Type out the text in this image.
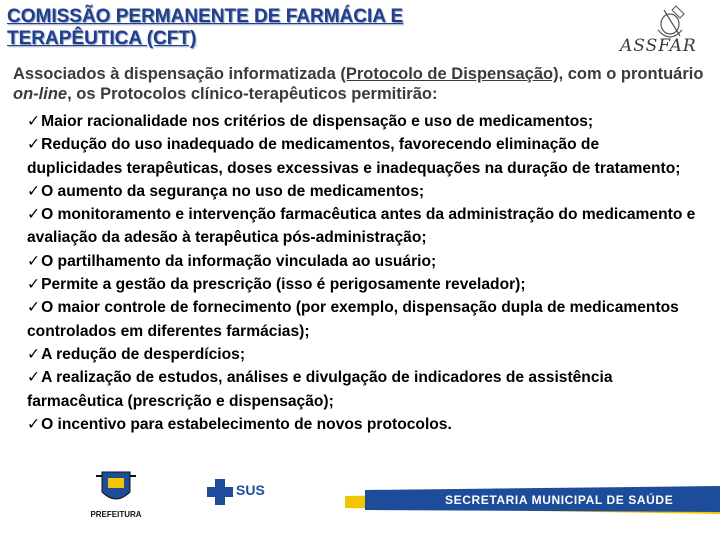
COMISSÃO PERMANENTE DE FARMÁCIA E
TERAPÊUTICA (CFT)	ASSFAR
Associados à dispensação informatizada (Protocolo de Dispensação), com o prontuário on-line, os Protocolos clínico-terapêuticos permitirão:
✓Maior racionalidade nos critérios de dispensação e uso de medicamentos;
✓Redução do uso inadequado de medicamentos, favorecendo eliminação de duplicidades terapêuticas, doses excessivas e inadequações na duração de tratamento;
✓O aumento da segurança no uso de medicamentos;
✓O monitoramento e intervenção farmacêutica antes da administração do medicamento e avaliação da adesão à terapêutica pós-administração;
✓O partilhamento da informação vinculada ao usuário;
✓Permite a gestão da prescrição (isso é perigosamente revelador);
✓O maior controle de fornecimento (por exemplo, dispensação dupla de medicamentos controlados em diferentes farmácias);
✓A redução de desperdícios;
✓A realização de estudos, análises e divulgação de indicadores de assistência farmacêutica (prescrição e dispensação);
✓O incentivo para estabelecimento de novos protocolos.
PREFEITURA
SUS
SECRETARIA MUNICIPAL DE SAÚDE
